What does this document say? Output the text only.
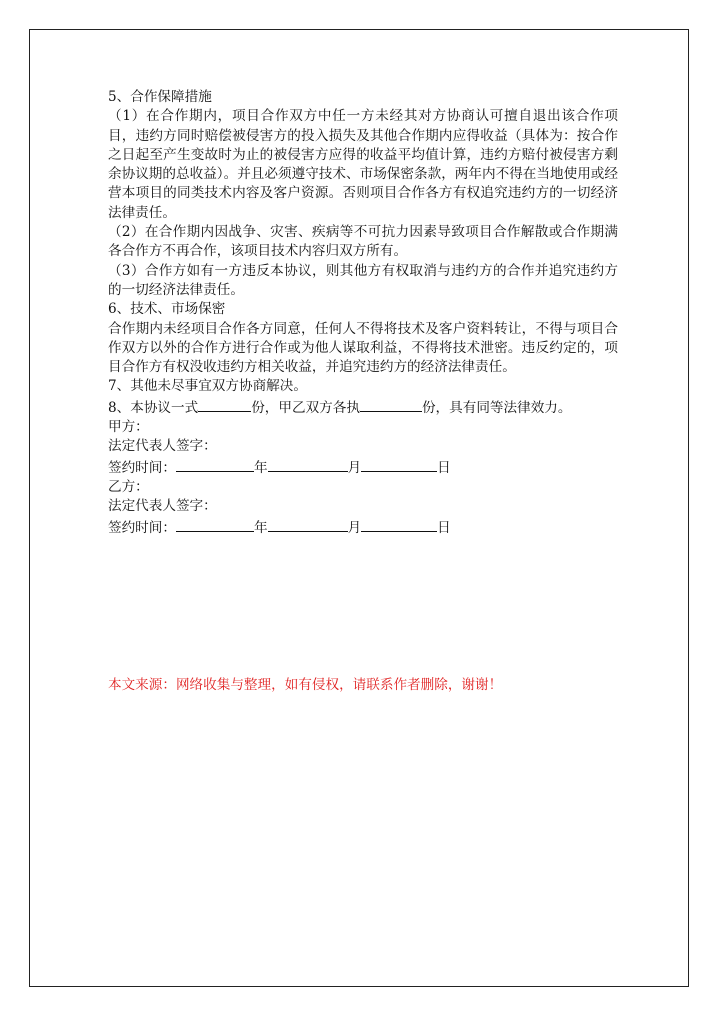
5、合作保障措施

（1）在合作期内，项目合作双方中任一方未经其对方协商认可擅自退出该合作项目，违约方同时赔偿被侵害方的投入损失及其他合作期内应得收益（具体为：按合作之日起至产生变故时为止的被侵害方应得的收益平均值计算，违约方赔付被侵害方剩余协议期的总收益）。并且必须遵守技术、市场保密条款，两年内不得在当地使用或经营本项目的同类技术内容及客户资源。否则项目合作各方有权追究违约方的一切经济法律责任。

（2）在合作期内因战争、灾害、疾病等不可抗力因素导致项目合作解散或合作期满各合作方不再合作，该项目技术内容归双方所有。

（3）合作方如有一方违反本协议，则其他方有权取消与违约方的合作并追究违约方的一切经济法律责任。

6、技术、市场保密

合作期内未经项目合作各方同意，任何人不得将技术及客户资料转让，不得与项目合作双方以外的合作方进行合作或为他人谋取利益，不得将技术泄密。违反约定的，项目合作方有权没收违约方相关收益，并追究违约方的经济法律责任。

7、其他未尽事宜双方协商解决。

8、本协议一式	份，甲乙双方各执	份，具有同等法律效力。

甲方：

法定代表人签字：

签约时间：	年	月	日

乙方：

法定代表人签字：

签约时间：	年	月	日

本文来源：网络收集与整理，如有侵权，请联系作者删除，谢谢！
